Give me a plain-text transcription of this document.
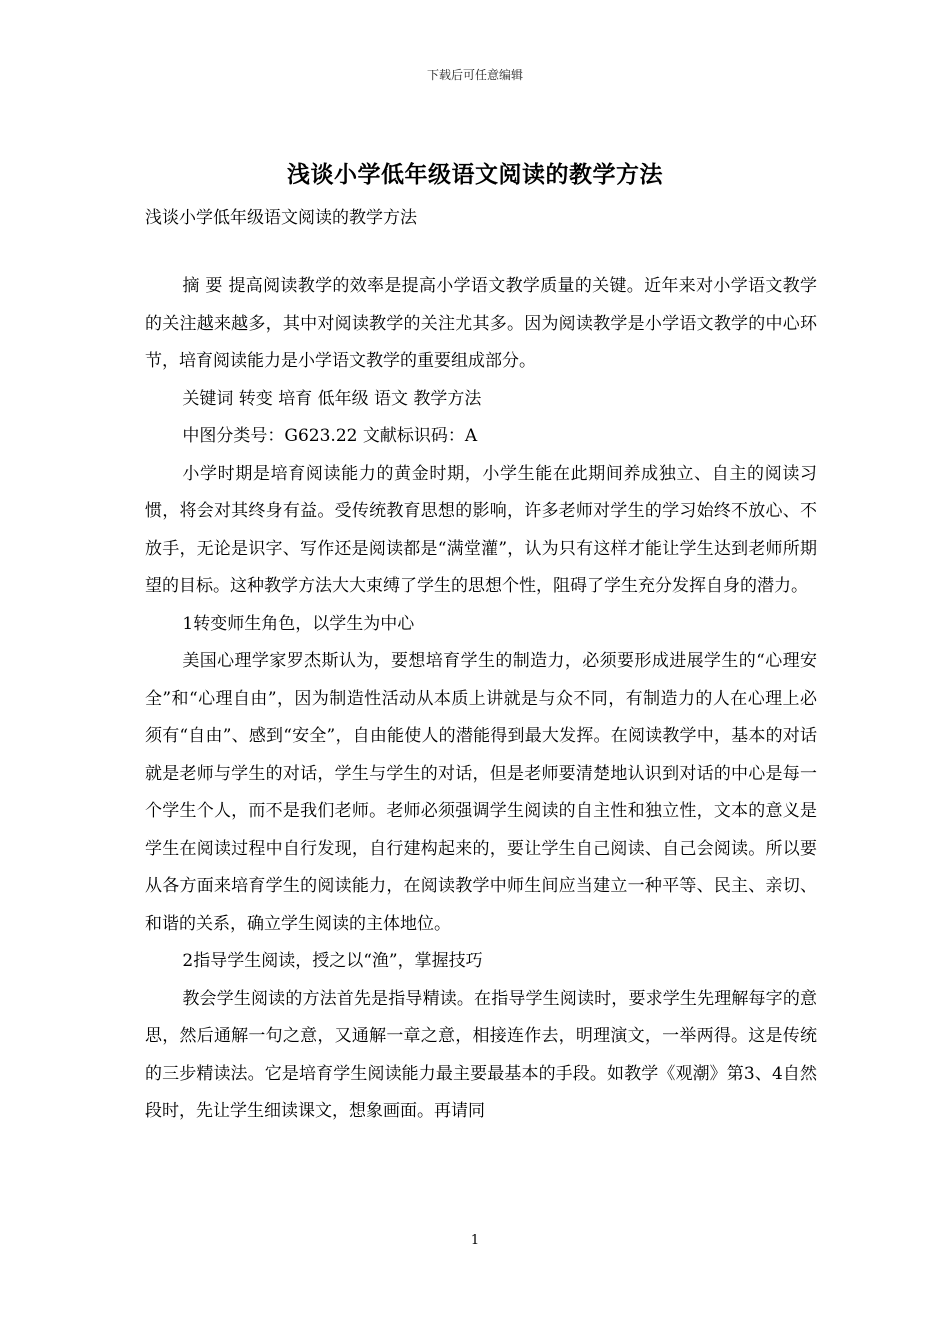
下载后可任意编辑
浅谈小学低年级语文阅读的教学方法
浅谈小学低年级语文阅读的教学方法

摘 要 提高阅读教学的效率是提高小学语文教学质量的关键。近年来对小学语文教学的关注越来越多，其中对阅读教学的关注尤其多。因为阅读教学是小学语文教学的中心环节，培育阅读能力是小学语文教学的重要组成部分。

关键词 转变 培育 低年级 语文 教学方法

中图分类号：G623.22 文献标识码：A

小学时期是培育阅读能力的黄金时期，小学生能在此期间养成独立、自主的阅读习惯，将会对其终身有益。受传统教育思想的影响，许多老师对学生的学习始终不放心、不放手，无论是识字、写作还是阅读都是“满堂灌”，认为只有这样才能让学生达到老师所期望的目标。这种教学方法大大束缚了学生的思想个性，阻碍了学生充分发挥自身的潜力。

1转变师生角色，以学生为中心

美国心理学家罗杰斯认为，要想培育学生的制造力，必须要形成进展学生的“心理安全”和“心理自由”，因为制造性活动从本质上讲就是与众不同，有制造力的人在心理上必须有“自由”、感到“安全”，自由能使人的潜能得到最大发挥。在阅读教学中，基本的对话就是老师与学生的对话，学生与学生的对话，但是老师要清楚地认识到对话的中心是每一个学生个人，而不是我们老师。老师必须强调学生阅读的自主性和独立性，文本的意义是学生在阅读过程中自行发现，自行建构起来的，要让学生自己阅读、自己会阅读。所以要从各方面来培育学生的阅读能力，在阅读教学中师生间应当建立一种平等、民主、亲切、和谐的关系，确立学生阅读的主体地位。

2指导学生阅读，授之以“渔”，掌握技巧

教会学生阅读的方法首先是指导精读。在指导学生阅读时，要求学生先理解每字的意思，然后通解一句之意，又通解一章之意，相接连作去，明理演文，一举两得。这是传统的三步精读法。它是培育学生阅读能力最主要最基本的手段。如教学《观潮》第3、4自然段时，先让学生细读课文，想象画面。再请同

1
